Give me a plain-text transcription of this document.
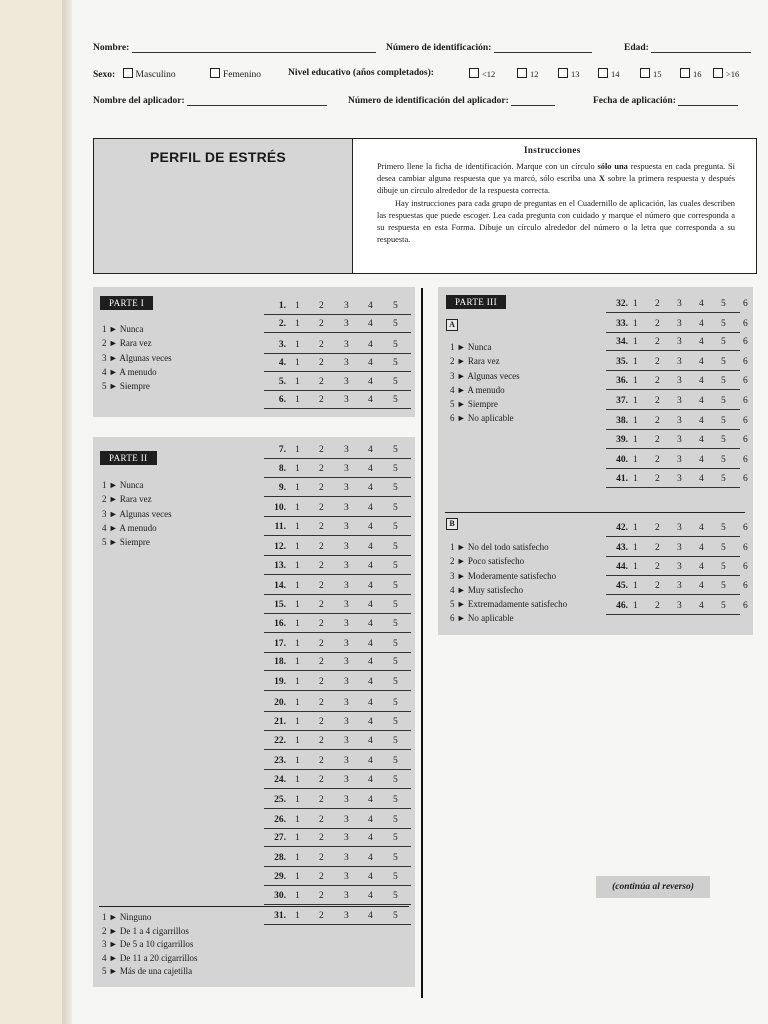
Nombre:	Número de identificación:	Edad:
Sexo: Masculino	Femenino	Nivel educativo (años completados):	<12	12	13	14	15	16	>16
Nombre del aplicador:	Número de identificación del aplicador:	Fecha de aplicación:
PERFIL DE ESTRÉS	Instrucciones

Primero llene la ficha de identificación. Marque con un círculo sólo una respuesta en cada pregunta. Si desea cambiar alguna respuesta que ya marcó, sólo escriba una X sobre la primera respuesta y después dibuje un círculo alrededor de la respuesta correcta.

Hay instrucciones para cada grupo de preguntas en el Cuadernillo de aplicación, las cuales describen las respuestas que puede escoger. Lea cada pregunta con cuidado y marque el número que corresponda a su respuesta en esta Forma. Dibuje un círculo alrededor del número o la letra que corresponda a su respuesta.

PARTE I
1 ► Nunca
2 ► Rara vez
3 ► Algunas veces
4 ► A menudo
5 ► Siempre
1. 1 2 3 4 5
2. 1 2 3 4 5
3. 1 2 3 4 5
4. 1 2 3 4 5
5. 1 2 3 4 5
6. 1 2 3 4 5
PARTE II
1 ► Nunca
2 ► Rara vez
3 ► Algunas veces
4 ► A menudo
5 ► Siempre
7. 1 2 3 4 5
8. 1 2 3 4 5
9. 1 2 3 4 5
10. 1 2 3 4 5
11. 1 2 3 4 5
12. 1 2 3 4 5
13. 1 2 3 4 5
14. 1 2 3 4 5
15. 1 2 3 4 5
16. 1 2 3 4 5
17. 1 2 3 4 5
18. 1 2 3 4 5
19. 1 2 3 4 5
20. 1 2 3 4 5
21. 1 2 3 4 5
22. 1 2 3 4 5
23. 1 2 3 4 5
24. 1 2 3 4 5
25. 1 2 3 4 5
26. 1 2 3 4 5
27. 1 2 3 4 5
28. 1 2 3 4 5
29. 1 2 3 4 5
30. 1 2 3 4 5
31. 1 2 3 4 5
1 ► Ninguno
2 ► De 1 a 4 cigarrillos
3 ► De 5 a 10 cigarrillos
4 ► De 11 a 20 cigarrillos
5 ► Más de una cajetilla
PARTE III
A
1 ► Nunca
2 ► Rara vez
3 ► Algunas veces
4 ► A menudo
5 ► Siempre
6 ► No aplicable
B
1 ► No del todo satisfecho
2 ► Poco satisfecho
3 ► Moderamente satisfecho
4 ► Muy satisfecho
5 ► Extremadamente satisfecho
6 ► No aplicable
32. 1 2 3 4 5 6
33. 1 2 3 4 5 6
34. 1 2 3 4 5 6
35. 1 2 3 4 5 6
36. 1 2 3 4 5 6
37. 1 2 3 4 5 6
38. 1 2 3 4 5 6
39. 1 2 3 4 5 6
40. 1 2 3 4 5 6
41. 1 2 3 4 5 6
42. 1 2 3 4 5 6
43. 1 2 3 4 5 6
44. 1 2 3 4 5 6
45. 1 2 3 4 5 6
46. 1 2 3 4 5 6
(continúa al reverso)
